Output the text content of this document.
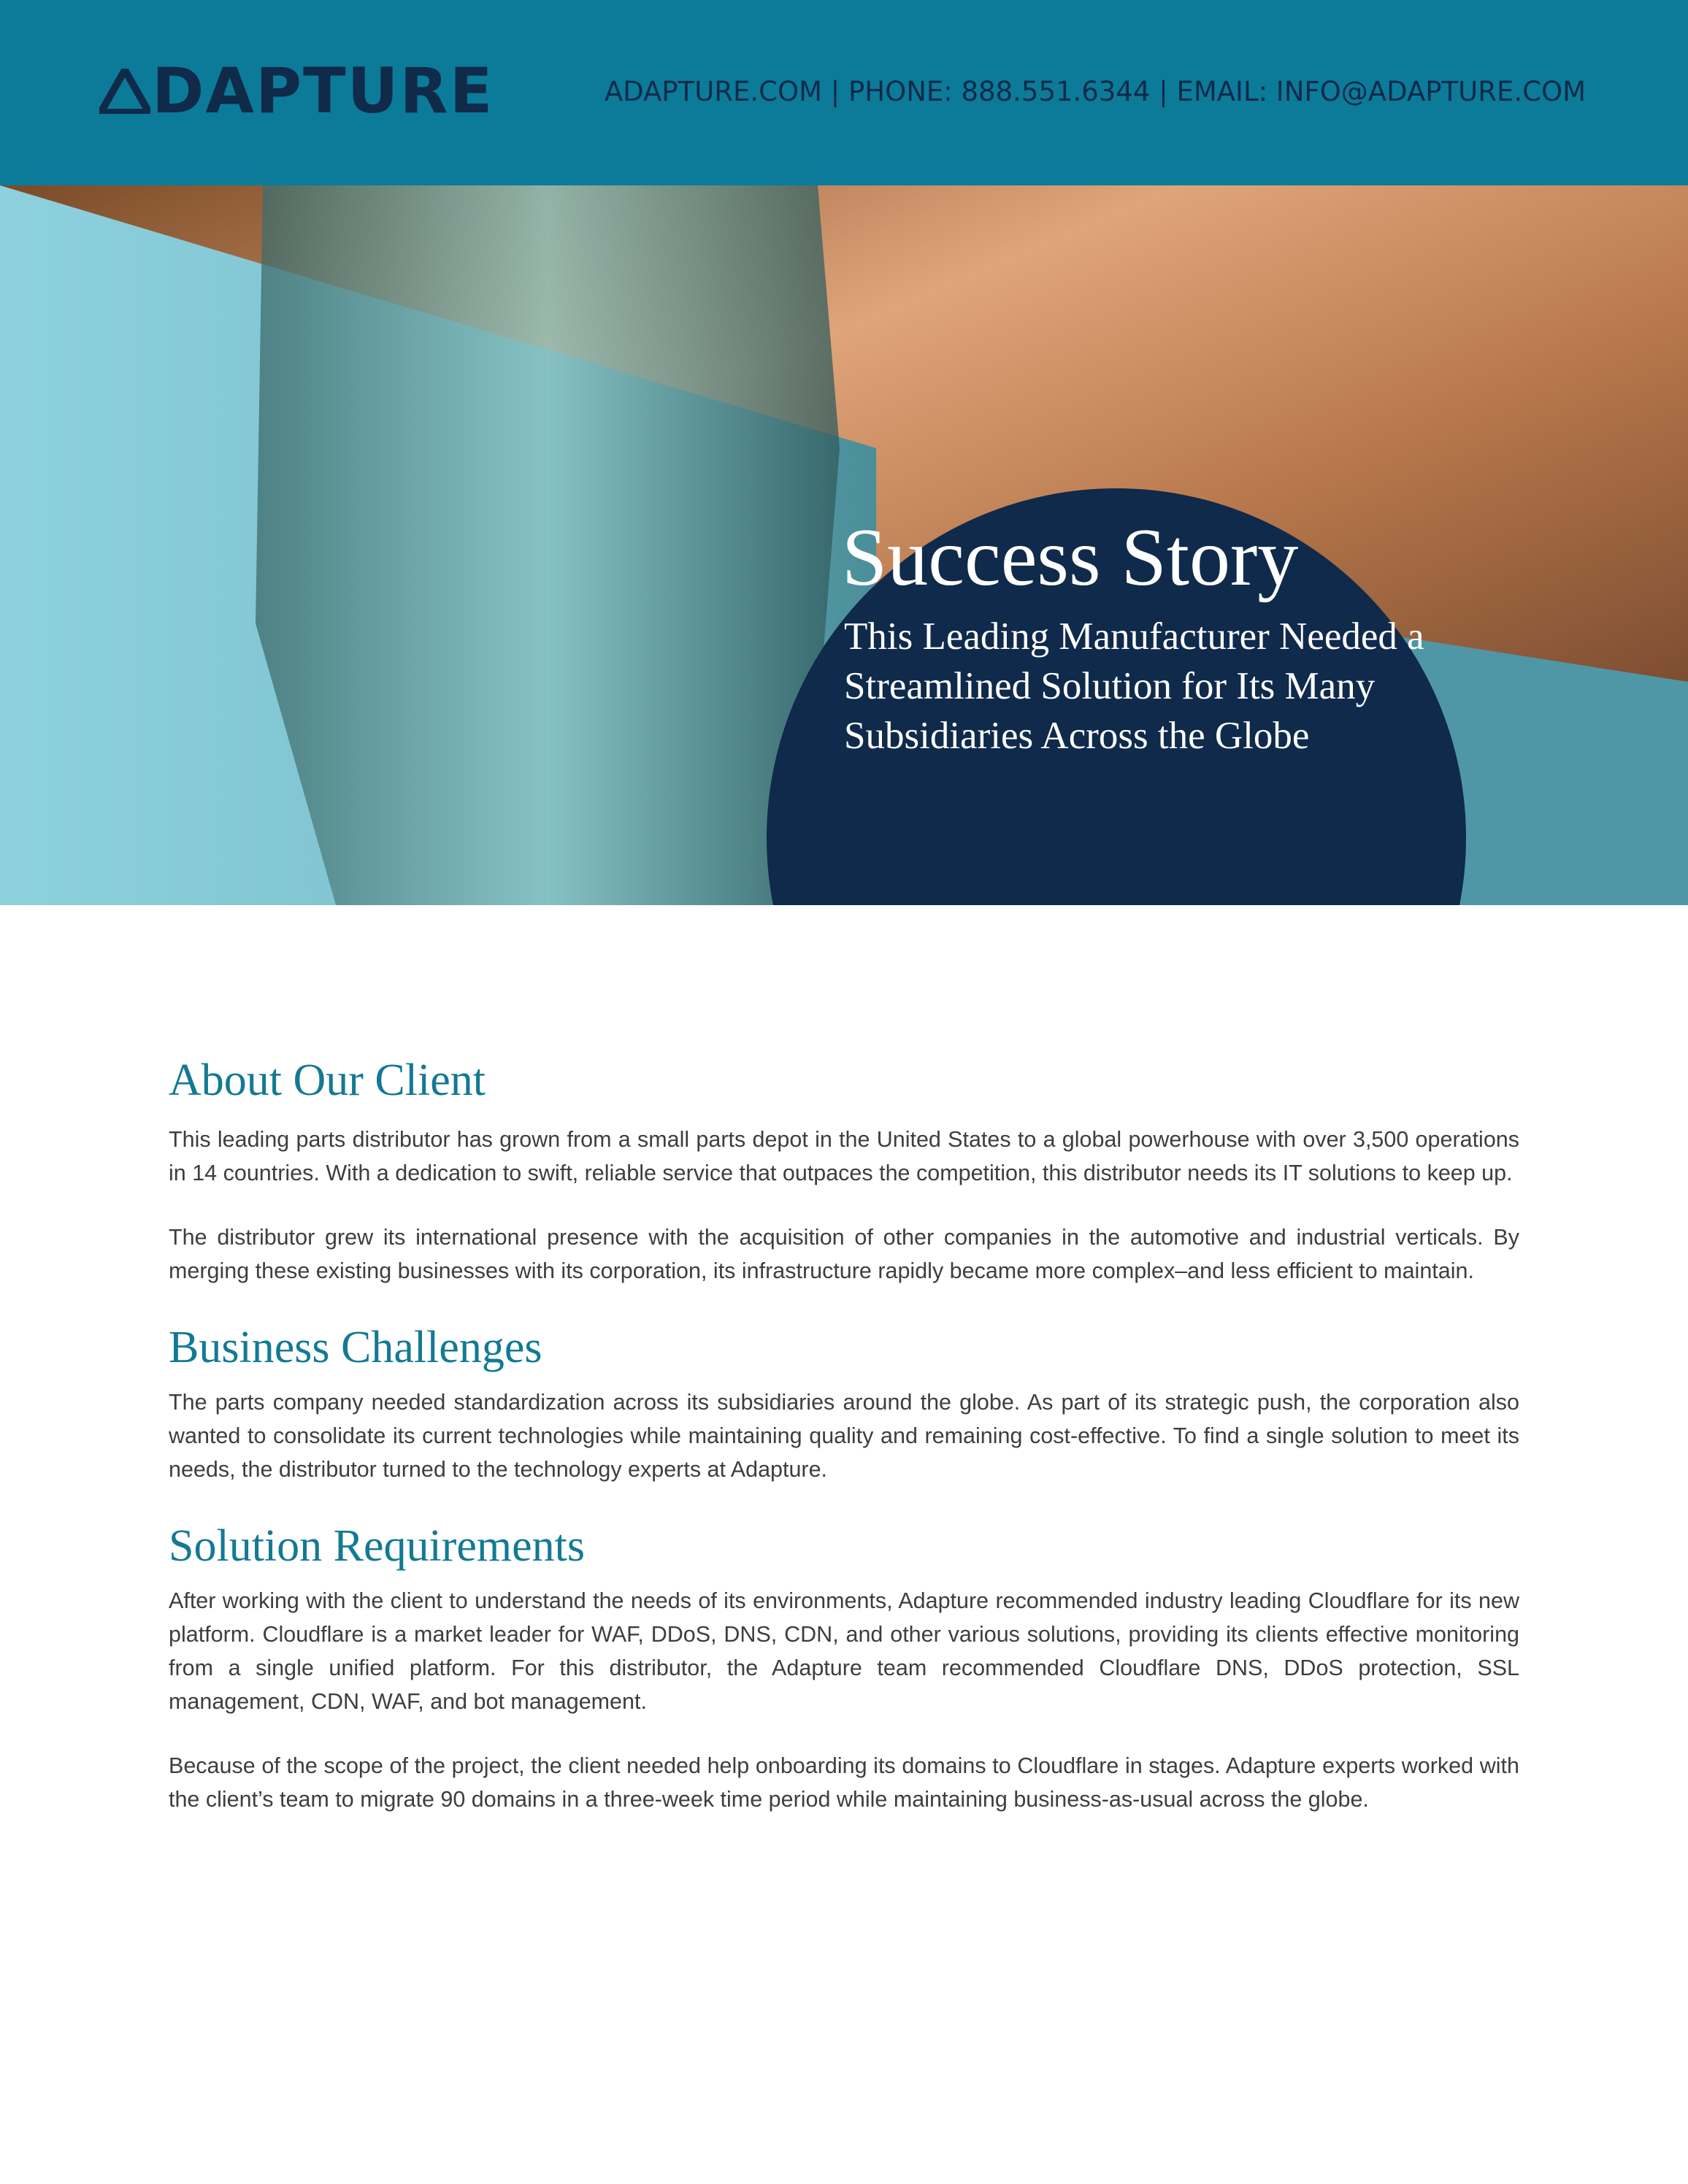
DAPTURE	ADAPTURE.COM | PHONE: 888.551.6344 | EMAIL: INFO@ADAPTURE.COM
Success Story
This Leading Manufacturer Needed a Streamlined Solution for Its Many Subsidiaries Across the Globe
About Our Client

This leading parts distributor has grown from a small parts depot in the United States to a global powerhouse with over 3,500 operations in 14 countries. With a dedication to swift, reliable service that outpaces the competition, this distributor needs its IT solutions to keep up.

The distributor grew its international presence with the acquisition of other companies in the automotive and industrial verticals. By merging these existing businesses with its corporation, its infrastructure rapidly became more complex–and less efficient to maintain.

Business Challenges

The parts company needed standardization across its subsidiaries around the globe. As part of its strategic push, the corporation also wanted to consolidate its current technologies while maintaining quality and remaining cost-effective. To find a single solution to meet its needs, the distributor turned to the technology experts at Adapture.

Solution Requirements

After working with the client to understand the needs of its environments, Adapture recommended industry leading Cloudflare for its new platform. Cloudflare is a market leader for WAF, DDoS, DNS, CDN, and other various solutions, providing its clients effective monitoring from a single unified platform. For this distributor, the Adapture team recommended Cloudflare DNS, DDoS protection, SSL management, CDN, WAF, and bot management.

Because of the scope of the project, the client needed help onboarding its domains to Cloudflare in stages. Adapture experts worked with the client’s team to migrate 90 domains in a three-week time period while maintaining business-as-usual across the globe.
